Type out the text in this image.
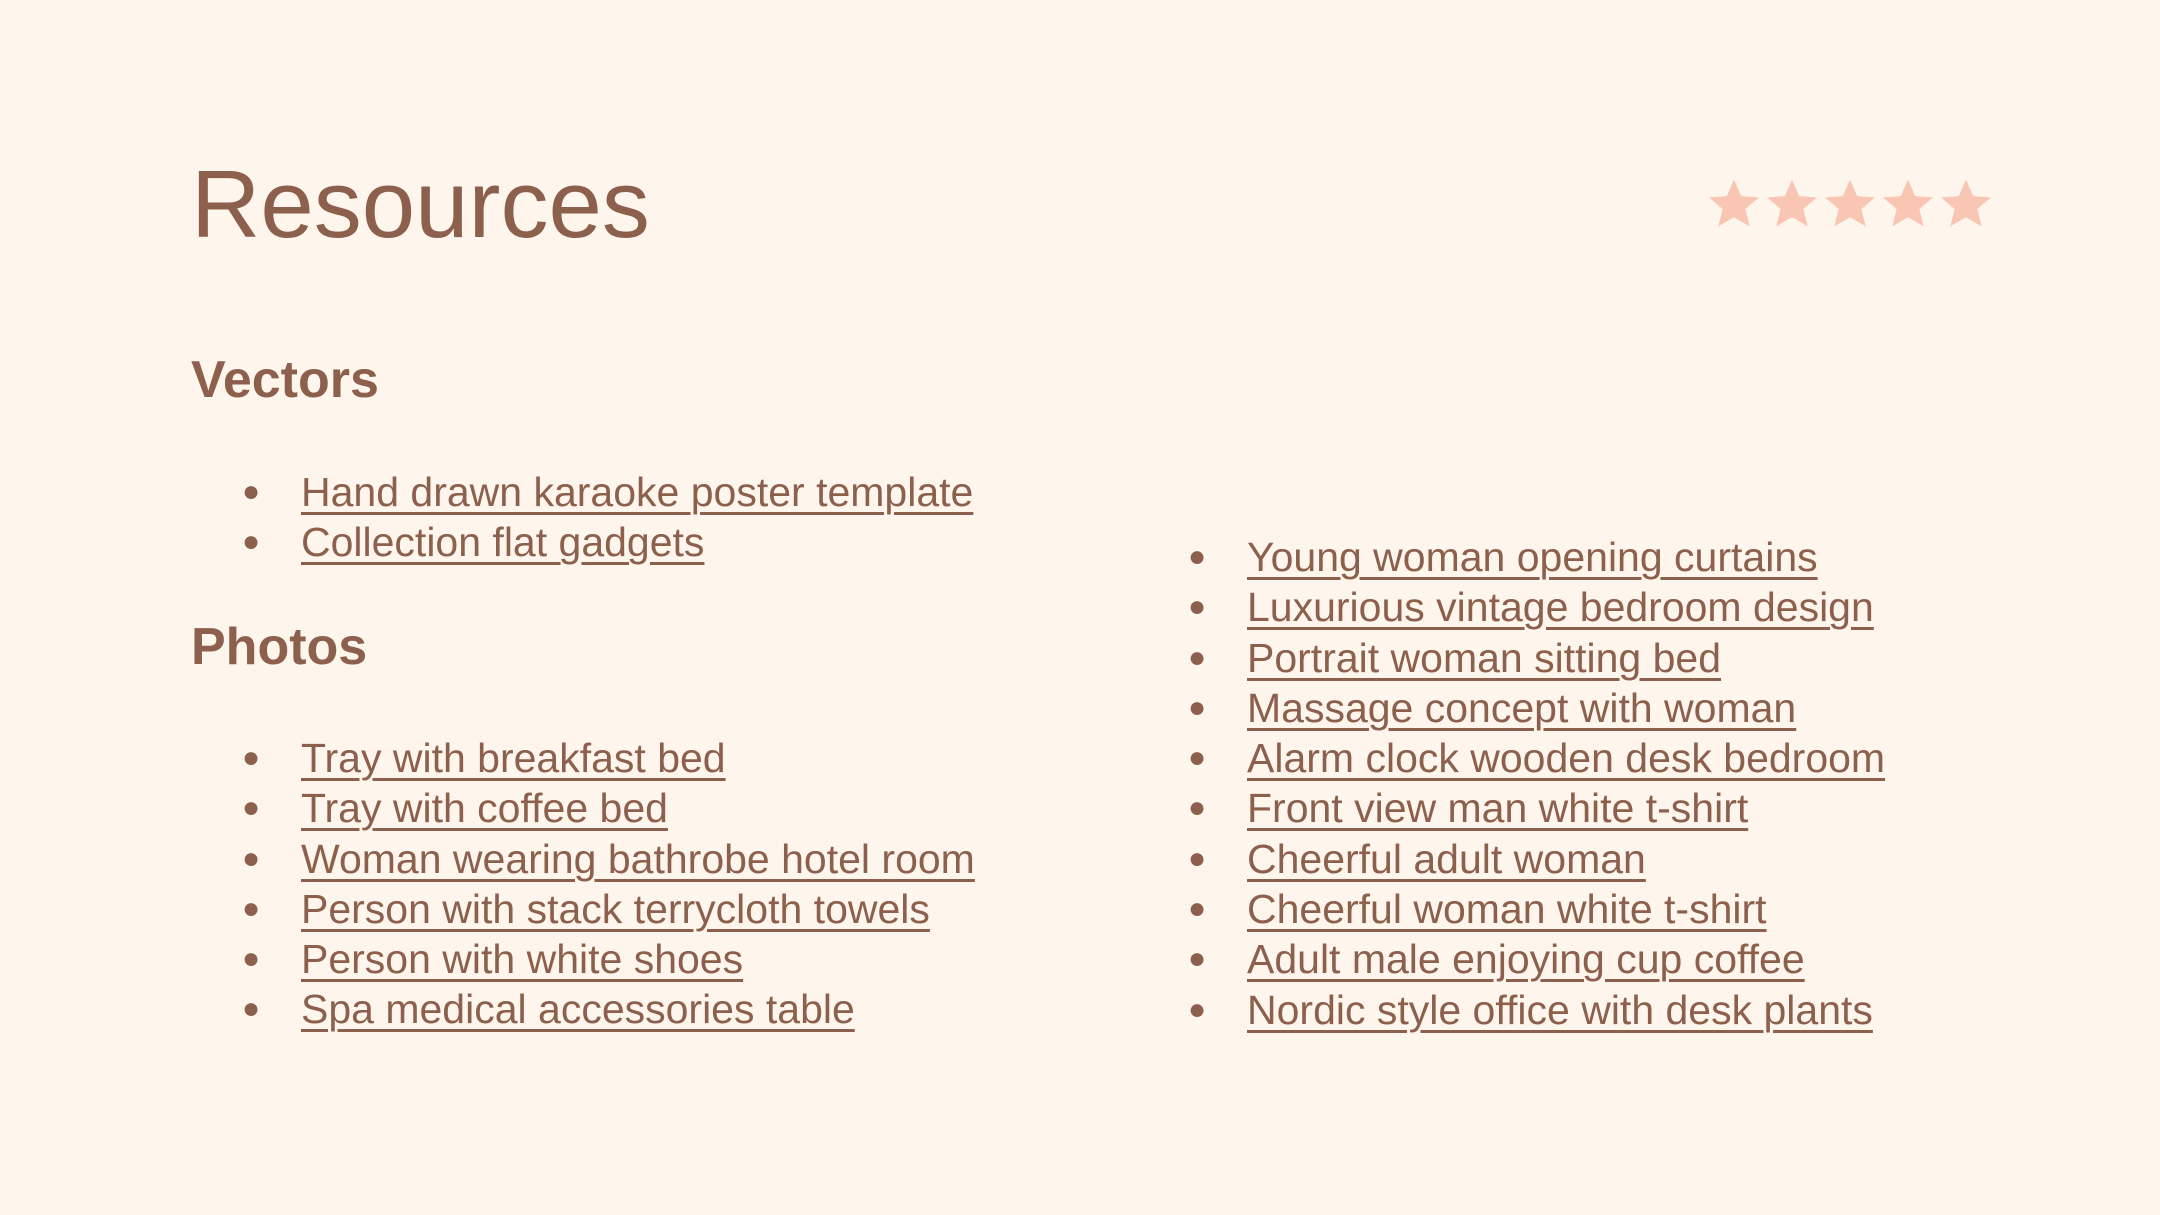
Resources
Vectors
● Hand drawn karaoke poster template
● Collection flat gadgets
Photos
● Tray with breakfast bed
● Tray with coffee bed
● Woman wearing bathrobe hotel room
● Person with stack terrycloth towels
● Person with white shoes
● Spa medical accessories table
● Young woman opening curtains
● Luxurious vintage bedroom design
● Portrait woman sitting bed
● Massage concept with woman
● Alarm clock wooden desk bedroom
● Front view man white t-shirt
● Cheerful adult woman
● Cheerful woman white t-shirt
● Adult male enjoying cup coffee
● Nordic style office with desk plants
